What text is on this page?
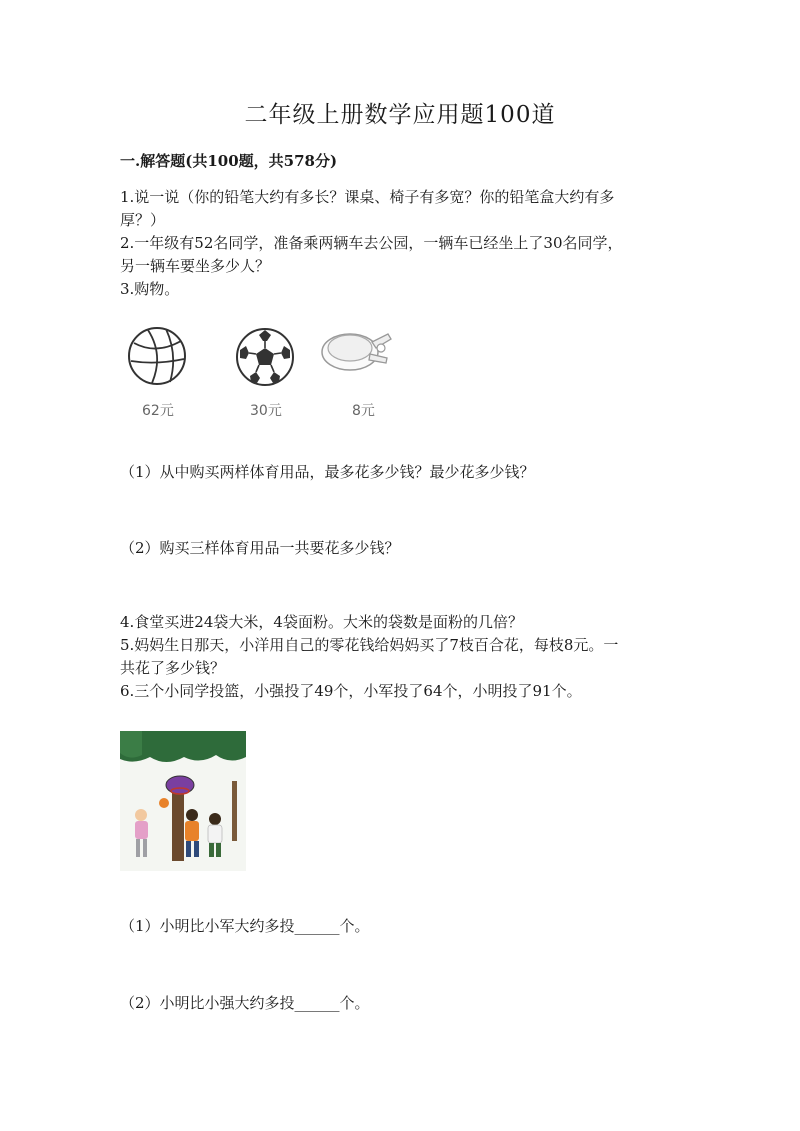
二年级上册数学应用题100道
一.解答题(共100题，共578分)
1.说一说（你的铅笔大约有多长？课桌、椅子有多宽？你的铅笔盒大约有多
厚？）
2.一年级有52名同学，准备乘两辆车去公园，一辆车已经坐上了30名同学，
另一辆车要坐多少人？
3.购物。
62元	30元	8元
（1）从中购买两样体育用品，最多花多少钱？最少花多少钱？
（2）购买三样体育用品一共要花多少钱？
4.食堂买进24袋大米，4袋面粉。大米的袋数是面粉的几倍？
5.妈妈生日那天，小洋用自己的零花钱给妈妈买了7枝百合花，每枝8元。一
共花了多少钱？
6.三个小同学投篮，小强投了49个，小军投了64个，小明投了91个。
（1）小明比小军大约多投______个。
（2）小明比小强大约多投______个。
